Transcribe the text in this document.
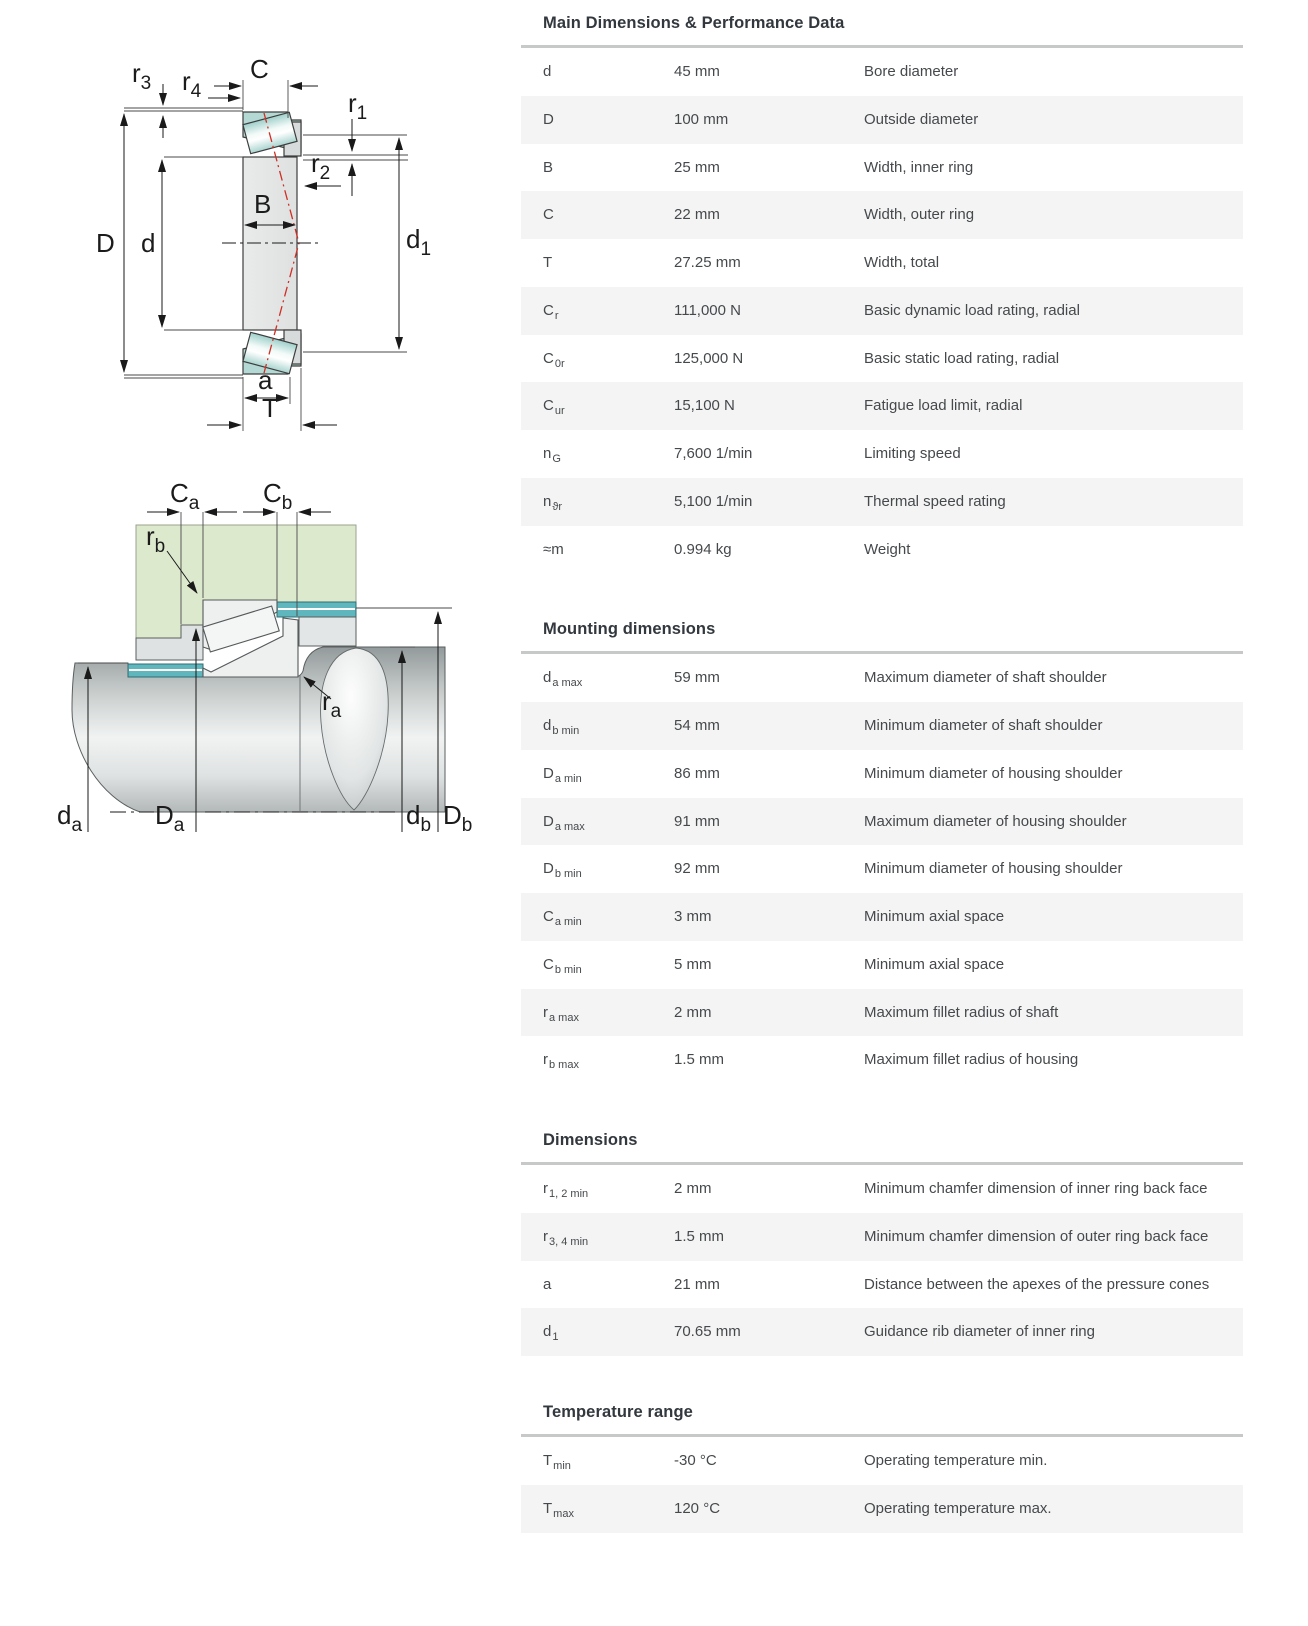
$r_3$ $r_4$
C
$r_1$
$r_2$
B
D d	$d_1$
a
T
$C_a$ $C_b$
$r_b$
$r_a$
$d_a$	$D_a$	$d_b$ $D_b$
Main Dimensions & Performance Data
d	45 mm	Bore diameter
D	100 mm	Outside diameter
B	25 mm	Width, inner ring
C	22 mm	Width, outer ring
T	27.25 mm	Width, total
$C_r$	111,000 N	Basic dynamic load rating, radial
$C_{0r}$	125,000 N	Basic static load rating, radial
$C_{ur}$	15,100 N	Fatigue load limit, radial
$n_G$	7,600 1/min	Limiting speed
$n_{ϑr}$	5,100 1/min	Thermal speed rating
≈m	0.994 kg	Weight
Mounting dimensions
$d_{a max}$	59 mm	Maximum diameter of shaft shoulder
$d_{b min}$	54 mm	Minimum diameter of shaft shoulder
$D_{a min}$	86 mm	Minimum diameter of housing shoulder
$D_{a max}$	91 mm	Maximum diameter of housing shoulder
$D_{b min}$	92 mm	Minimum diameter of housing shoulder
$C_{a min}$	3 mm	Minimum axial space
$C_{b min}$	5 mm	Minimum axial space
$r_{a max}$	2 mm	Maximum fillet radius of shaft
$r_{b max}$	1.5 mm	Maximum fillet radius of housing
Dimensions
$r_{1, 2 min}$	2 mm	Minimum chamfer dimension of inner ring back face
$r_{3, 4 min}$	1.5 mm	Minimum chamfer dimension of outer ring back face
a	21 mm	Distance between the apexes of the pressure cones
$d_1$	70.65 mm	Guidance rib diameter of inner ring
Temperature range
$T_{min}$	-30 °C	Operating temperature min.
$T_{max}$	120 °C	Operating temperature max.
